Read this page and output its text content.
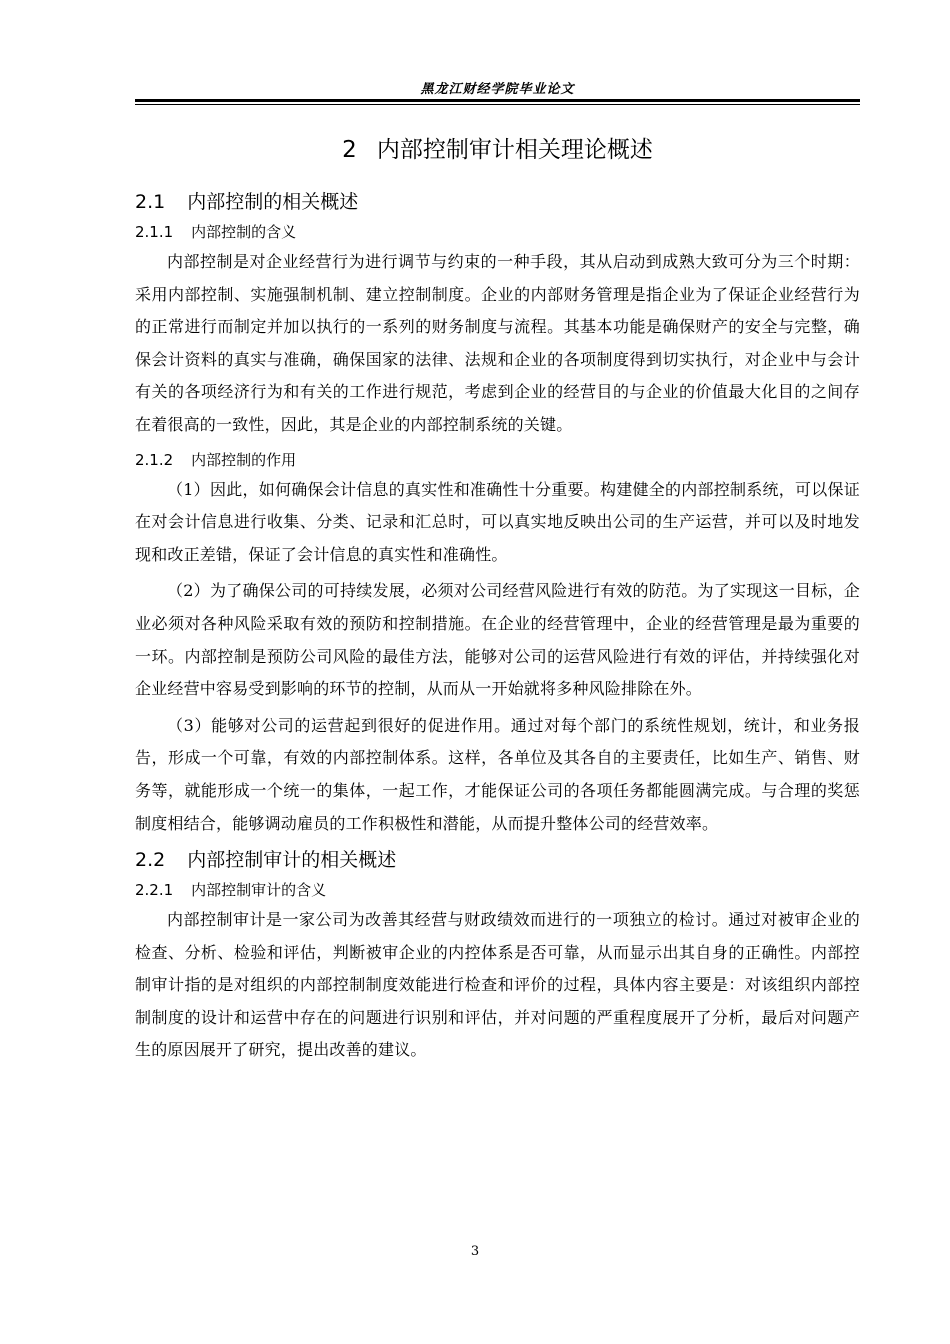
黑龙江财经学院毕业论文
2 内部控制审计相关理论概述
2.1 内部控制的相关概述
2.1.1 内部控制的含义

内部控制是对企业经营行为进行调节与约束的一种手段，其从启动到成熟大致可分为三个时期：采用内部控制、实施强制机制、建立控制制度。企业的内部财务管理是指企业为了保证企业经营行为的正常进行而制定并加以执行的一系列的财务制度与流程。其基本功能是确保财产的安全与完整，确保会计资料的真实与准确，确保国家的法律、法规和企业的各项制度得到切实执行，对企业中与会计有关的各项经济行为和有关的工作进行规范，考虑到企业的经营目的与企业的价值最大化目的之间存在着很高的一致性，因此，其是企业的内部控制系统的关键。

2.1.2 内部控制的作用

（1）因此，如何确保会计信息的真实性和准确性十分重要。构建健全的内部控制系统，可以保证在对会计信息进行收集、分类、记录和汇总时，可以真实地反映出公司的生产运营，并可以及时地发现和改正差错，保证了会计信息的真实性和准确性。

（2）为了确保公司的可持续发展，必须对公司经营风险进行有效的防范。为了实现这一目标，企业必须对各种风险采取有效的预防和控制措施。在企业的经营管理中，企业的经营管理是最为重要的一环。内部控制是预防公司风险的最佳方法，能够对公司的运营风险进行有效的评估，并持续强化对企业经营中容易受到影响的环节的控制，从而从一开始就将多种风险排除在外。

（3）能够对公司的运营起到很好的促进作用。通过对每个部门的系统性规划，统计，和业务报告，形成一个可靠，有效的内部控制体系。这样，各单位及其各自的主要责任，比如生产、销售、财务等，就能形成一个统一的集体，一起工作，才能保证公司的各项任务都能圆满完成。与合理的奖惩制度相结合，能够调动雇员的工作积极性和潜能，从而提升整体公司的经营效率。

2.2 内部控制审计的相关概述
2.2.1 内部控制审计的含义

内部控制审计是一家公司为改善其经营与财政绩效而进行的一项独立的检讨。通过对被审企业的检查、分析、检验和评估，判断被审企业的内控体系是否可靠，从而显示出其自身的正确性。内部控制审计指的是对组织的内部控制制度效能进行检查和评价的过程，具体内容主要是：对该组织内部控制制度的设计和运营中存在的问题进行识别和评估，并对问题的严重程度展开了分析，最后对问题产生的原因展开了研究，提出改善的建议。

3
